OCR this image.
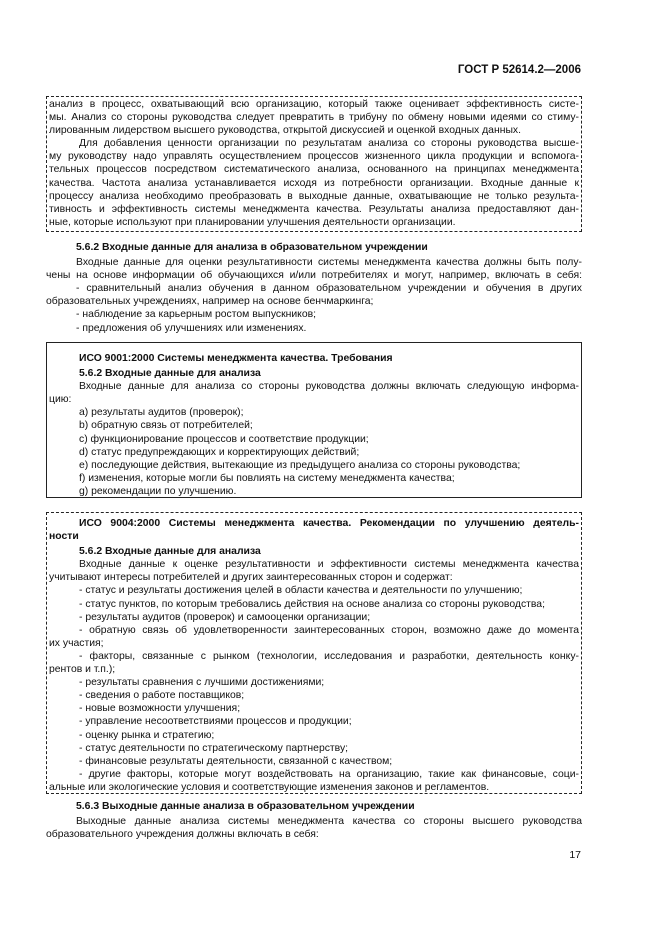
ГОСТ Р 52614.2—2006
анализ в процесс, охватывающий всю организацию, который также оценивает эффективность систе-
мы. Анализ со стороны руководства следует превратить в трибуну по обмену новыми идеями со стиму-
лированным лидерством высшего руководства, открытой дискуссией и оценкой входных данных.
Для добавления ценности организации по результатам анализа со стороны руководства высше-
му руководству надо управлять осуществлением процессов жизненного цикла продукции и вспомога-
тельных процессов посредством систематического анализа, основанного на принципах менеджмента
качества. Частота анализа устанавливается исходя из потребности организации. Входные данные к
процессу анализа необходимо преобразовать в выходные данные, охватывающие не только результа-
тивность и эффективность системы менеджмента качества. Результаты анализа предоставляют дан-
ные, которые используют при планировании улучшения деятельности организации.
5.6.2 Входные данные для анализа в образовательном учреждении
Входные данные для оценки результативности системы менеджмента качества должны быть полу-
чены на основе информации об обучающихся и/или потребителях и могут, например, включать в себя:
- сравнительный анализ обучения в данном образовательном учреждении и обучения в других
образовательных учреждениях, например на основе бенчмаркинга;
- наблюдение за карьерным ростом выпускников;
- предложения об улучшениях или изменениях.
ИСО 9001:2000 Системы менеджмента качества. Требования
5.6.2 Входные данные для анализа
Входные данные для анализа со стороны руководства должны включать следующую информа-
цию:
a) результаты аудитов (проверок);
b) обратную связь от потребителей;
c) функционирование процессов и соответствие продукции;
d) статус предупреждающих и корректирующих действий;
e) последующие действия, вытекающие из предыдущего анализа со стороны руководства;
f) изменения, которые могли бы повлиять на систему менеджмента качества;
g) рекомендации по улучшению.
ИСО 9004:2000 Системы менеджмента качества. Рекомендации по улучшению деятель-
ности
5.6.2 Входные данные для анализа
Входные данные к оценке результативности и эффективности системы менеджмента качества
учитывают интересы потребителей и других заинтересованных сторон и содержат:
- статус и результаты достижения целей в области качества и деятельности по улучшению;
- статус пунктов, по которым требовались действия на основе анализа со стороны руководства;
- результаты аудитов (проверок) и самооценки организации;
- обратную связь об удовлетворенности заинтересованных сторон, возможно даже до момента
их участия;
- факторы, связанные с рынком (технологии, исследования и разработки, деятельность конку-
рентов и т.п.);
- результаты сравнения с лучшими достижениями;
- сведения о работе поставщиков;
- новые возможности улучшения;
- управление несоответствиями процессов и продукции;
- оценку рынка и стратегию;
- статус деятельности по стратегическому партнерству;
- финансовые результаты деятельности, связанной с качеством;
- другие факторы, которые могут воздействовать на организацию, такие как финансовые, соци-
альные или экологические условия и соответствующие изменения законов и регламентов.
5.6.3 Выходные данные анализа в образовательном учреждении
Выходные данные анализа системы менеджмента качества со стороны высшего руководства
образовательного учреждения должны включать в себя:
17
